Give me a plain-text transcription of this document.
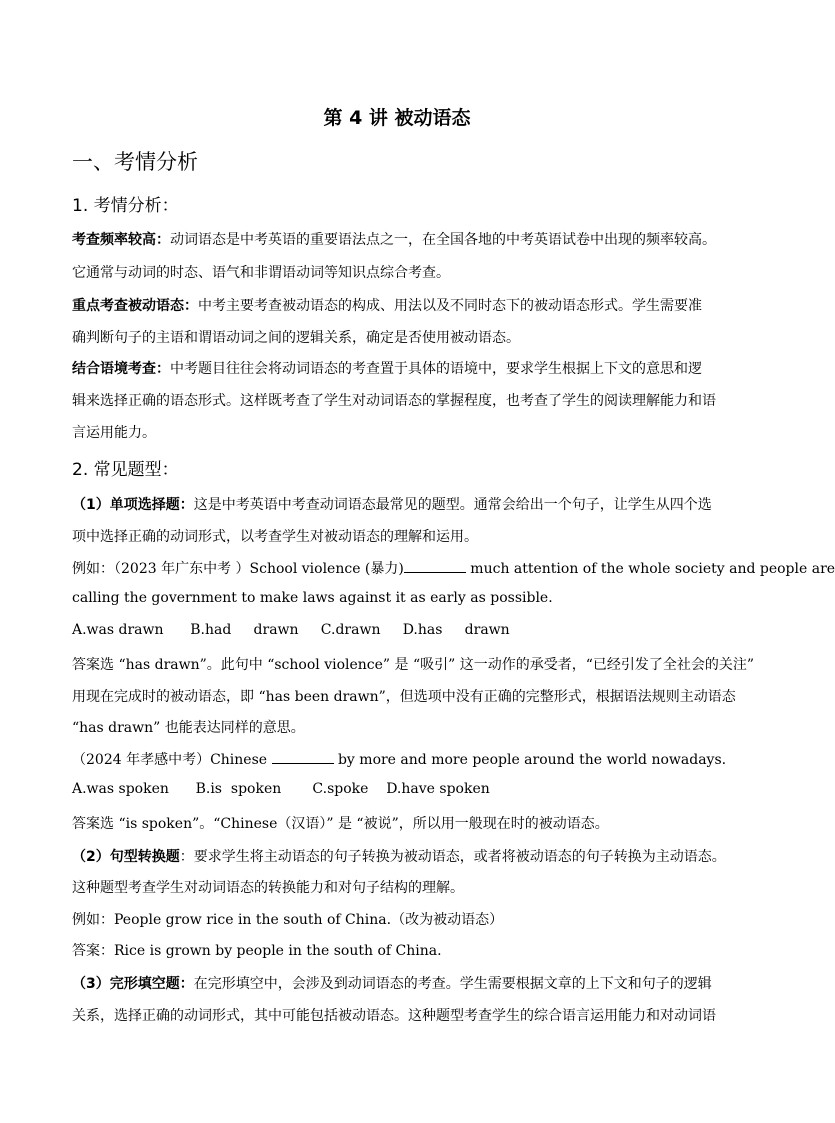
第 4 讲 被动语态
一、考情分析
1. 考情分析：
考查频率较高：动词语态是中考英语的重要语法点之一，在全国各地的中考英语试卷中出现的频率较高。
它通常与动词的时态、语气和非谓语动词等知识点综合考查。
重点考查被动语态：中考主要考查被动语态的构成、用法以及不同时态下的被动语态形式。学生需要准
确判断句子的主语和谓语动词之间的逻辑关系，确定是否使用被动语态。
结合语境考查：中考题目往往会将动词语态的考查置于具体的语境中，要求学生根据上下文的意思和逻
辑来选择正确的语态形式。这样既考查了学生对动词语态的掌握程度，也考查了学生的阅读理解能力和语
言运用能力。
2. 常见题型：
（1）单项选择题：这是中考英语中考查动词语态最常见的题型。通常会给出一个句子，让学生从四个选
项中选择正确的动词形式，以考查学生对被动语态的理解和运用。
例如：（2023 年广东中考 ）School violence (暴力)	much attention of the whole society and people are
calling the government to make laws against it as early as possible.
A.was drawn      B.had     drawn     C.drawn     D.has     drawn
答案选 “has drawn”。此句中 “school violence” 是 “吸引” 这一动作的承受者，“已经引发了全社会的关注”
用现在完成时的被动语态，即 “has been drawn”，但选项中没有正确的完整形式，根据语法规则主动语态
“has drawn” 也能表达同样的意思。
（2024 年孝感中考）Chinese	by more and more people around the world nowadays.
A.was spoken      B.is  spoken       C.spoke    D.have spoken
答案选 “is spoken”。“Chinese（汉语）” 是 “被说”，所以用一般现在时的被动语态。
（2）句型转换题：要求学生将主动语态的句子转换为被动语态，或者将被动语态的句子转换为主动语态。
这种题型考查学生对动词语态的转换能力和对句子结构的理解。
例如：People grow rice in the south of China.（改为被动语态）
答案：Rice is grown by people in the south of China.
（3）完形填空题：在完形填空中，会涉及到动词语态的考查。学生需要根据文章的上下文和句子的逻辑
关系，选择正确的动词形式，其中可能包括被动语态。这种题型考查学生的综合语言运用能力和对动词语
